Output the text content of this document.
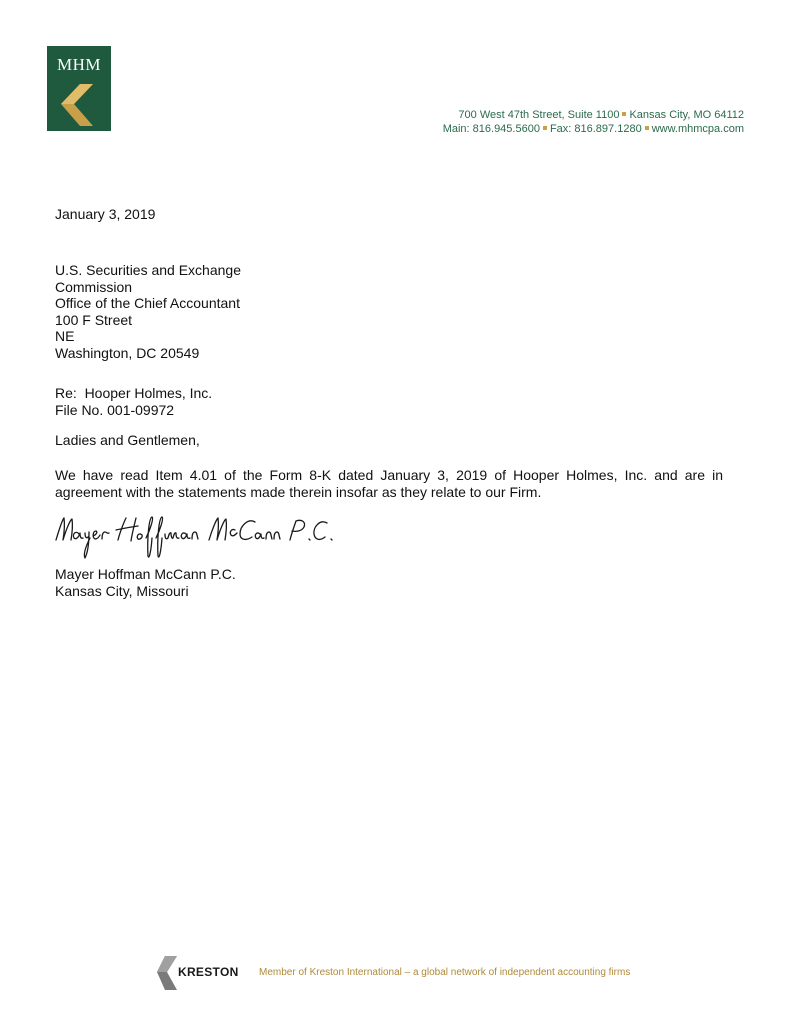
MHM
700 West 47th Street, Suite 1100 Kansas City, MO 64112
Main: 816.945.5600 Fax: 816.897.1280 www.mhmcpa.com
January 3, 2019
U.S. Securities and Exchange
Commission
Office of the Chief Accountant
100 F Street
NE
Washington, DC 20549
Re:  Hooper Holmes, Inc.
File No. 001-09972
Ladies and Gentlemen,
We have read Item 4.01 of the Form 8-K dated January 3, 2019 of Hooper Holmes, Inc. and are in agreement with the statements made therein insofar as they relate to our Firm.
Mayer Hoffman McCann P.C.
Kansas City, Missouri
KRESTON Member of Kreston International – a global network of independent accounting firms
